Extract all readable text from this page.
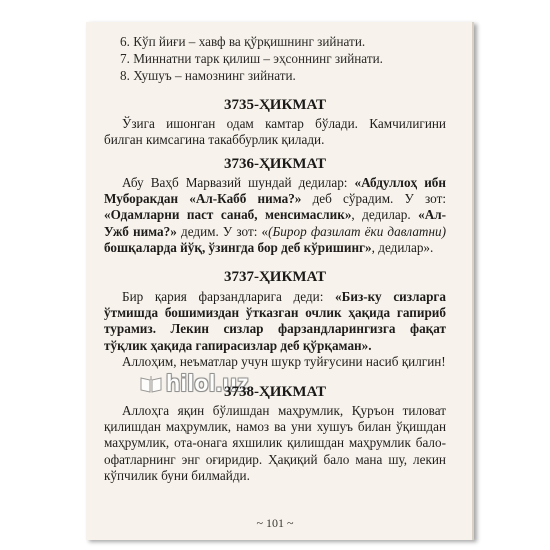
6. Кўп йиғи – хавф ва қўрқишнинг зийнати.
7. Миннатни тарк қилиш – эҳсоннинг зийнати.
8. Хушуъ – намознинг зийнати.
3735-ҲИКМАТ

Ўзига ишонган одам камтар бўлади. Камчилигини билган кимсагина такаббурлик қилади.

3736-ҲИКМАТ

Абу Ваҳб Марвазий шундай дедилар: «Абдуллоҳ ибн Муборакдан «Ал-Кабб нима?» деб сўрадим. У зот: «Одамларни паст санаб, менсимаслик», дедилар. «Ал-Ужб нима?» дедим. У зот: «(Бирор фазилат ёки давлатни) бошқаларда йўқ, ўзингда бор деб кўришинг», дедилар».

3737-ҲИКМАТ

Бир қария фарзандларига деди: «Биз-ку сизларга ўтмишда бошимиздан ўтказган очлик ҳақида гапириб турамиз. Лекин сизлар фарзандларингизга фақат тўқлик ҳақида гапирасизлар деб қўрқаман».

Аллоҳим, неъматлар учун шукр туйғусини насиб қилгин!

hilol.uz
3738-ҲИКМАТ

Аллоҳга яқин бўлишдан маҳрумлик, Қуръон тиловат қилишдан маҳрумлик, намоз ва уни хушуъ билан ўқишдан маҳрумлик, ота-онага яхшилик қилишдан маҳрумлик бало-офатларнинг энг оғиридир. Ҳақиқий бало мана шу, лекин кўпчилик буни билмайди.

~ 101 ~
